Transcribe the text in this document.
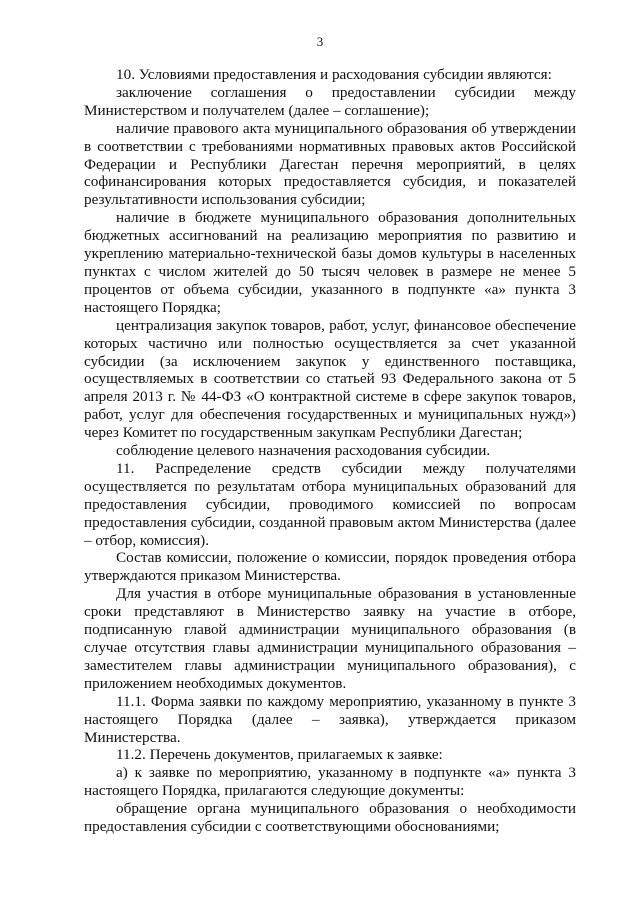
3

10. Условиями предоставления и расходования субсидии являются:

заключение соглашения о предоставлении субсидии между Министерством и получателем (далее – соглашение);

наличие правового акта муниципального образования об утверждении в соответствии с требованиями нормативных правовых актов Российской Федерации и Республики Дагестан перечня мероприятий, в целях софинансирования которых предоставляется субсидия, и показателей результативности использования субсидии;

наличие в бюджете муниципального образования дополнительных бюджетных ассигнований на реализацию мероприятия по развитию и укреплению материально-технической базы домов культуры в населенных пунктах с числом жителей до 50 тысяч человек в размере не менее 5 процентов от объема субсидии, указанного в подпункте «а» пункта 3 настоящего Порядка;

централизация закупок товаров, работ, услуг, финансовое обеспечение которых частично или полностью осуществляется за счет указанной субсидии (за исключением закупок у единственного поставщика, осуществляемых в соответствии со статьей 93 Федерального закона от 5 апреля 2013 г. № 44-ФЗ «О контрактной системе в сфере закупок товаров, работ, услуг для обеспечения государственных и муниципальных нужд») через Комитет по государственным закупкам Республики Дагестан;

соблюдение целевого назначения расходования субсидии.

11. Распределение средств субсидии между получателями осуществляется по результатам отбора муниципальных образований для предоставления субсидии, проводимого комиссией по вопросам предоставления субсидии, созданной правовым актом Министерства (далее – отбор, комиссия).

Состав комиссии, положение о комиссии, порядок проведения отбора утверждаются приказом Министерства.

Для участия в отборе муниципальные образования в установленные сроки представляют в Министерство заявку на участие в отборе, подписанную главой администрации муниципального образования (в случае отсутствия главы администрации муниципального образования – заместителем главы администрации муниципального образования), с приложением необходимых документов.

11.1. Форма заявки по каждому мероприятию, указанному в пункте 3 настоящего Порядка (далее – заявка), утверждается приказом Министерства.

11.2. Перечень документов, прилагаемых к заявке:

а) к заявке по мероприятию, указанному в подпункте «а» пункта 3 настоящего Порядка, прилагаются следующие документы:

обращение органа муниципального образования о необходимости предоставления субсидии с соответствующими обоснованиями;
